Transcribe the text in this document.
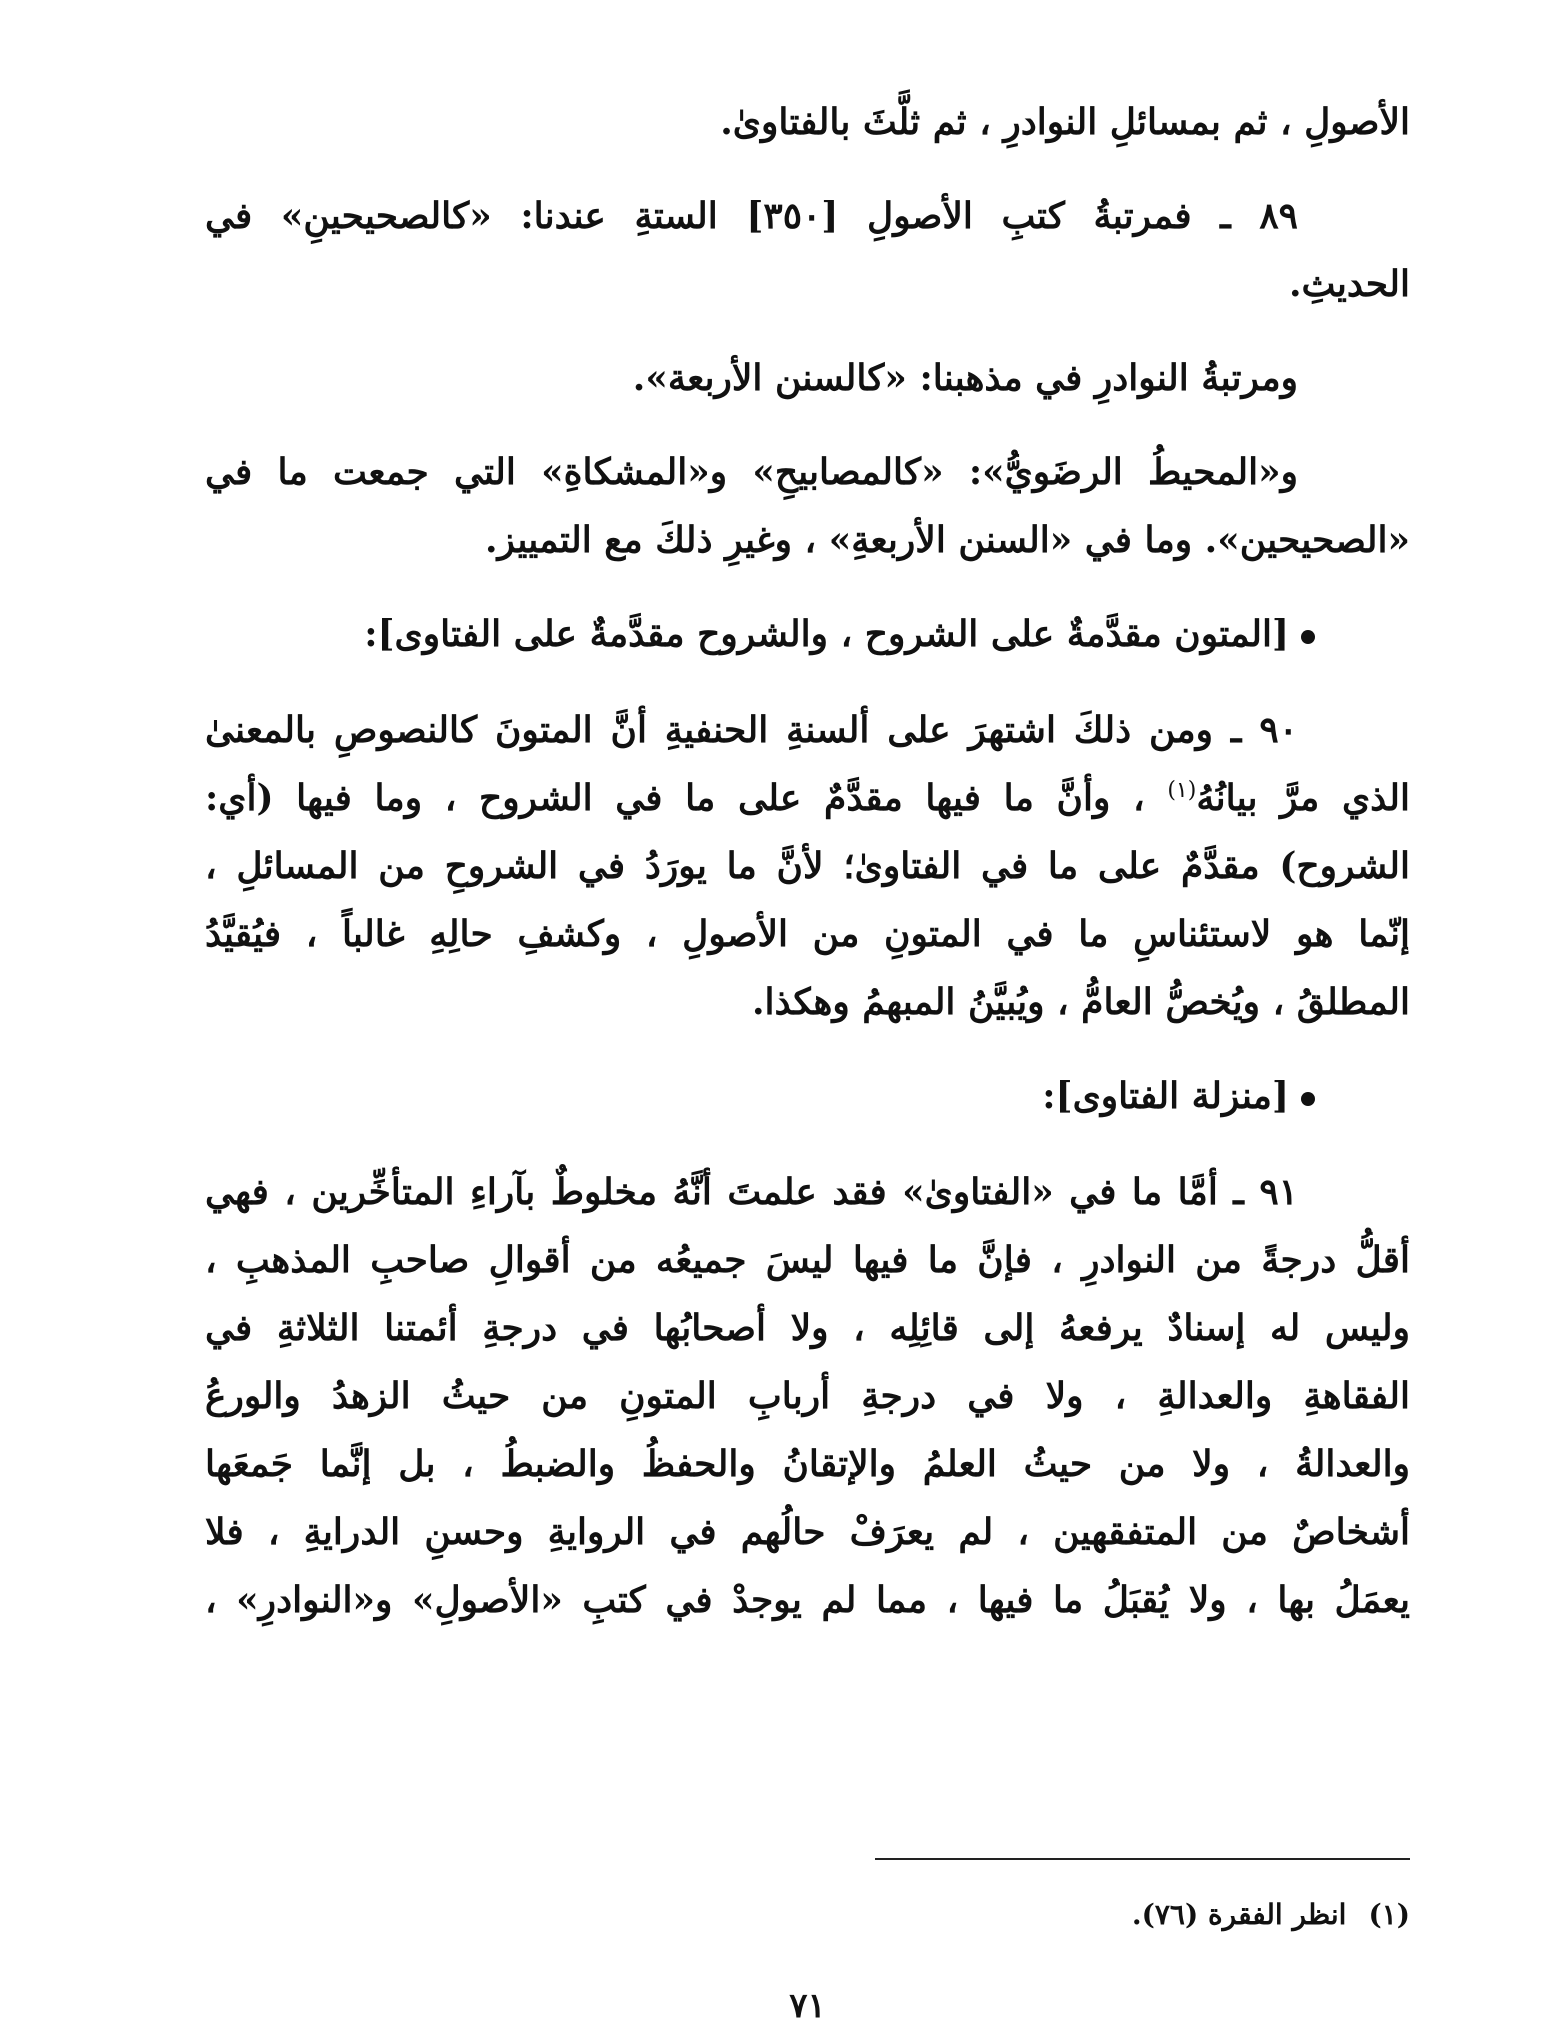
الأصولِ ، ثم بمسائلِ النوادرِ ، ثم ثلَّثَ بالفتاوىٰ.
٨٩ ـ فمرتبةُ كتبِ الأصولِ [٣٥٠] الستةِ عندنا: «كالصحيحينِ» في
الحديثِ.
ومرتبةُ النوادرِ في مذهبنا: «كالسنن الأربعة».
و«المحيطُ الرضَويُّ»: «كالمصابيحِ» و«المشكاةِ» التي جمعت ما في
«الصحيحين». وما في «السنن الأربعةِ» ، وغيرِ ذلكَ مع التمييز.
[المتون مقدَّمةٌ على الشروح ، والشروح مقدَّمةٌ على الفتاوى]:
٩٠ ـ ومن ذلكَ اشتهرَ على ألسنةِ الحنفيةِ أنَّ المتونَ كالنصوصِ بالمعنىٰ
الذي مرَّ بيانُهُ$^{(١)}$ ، وأنَّ ما فيها مقدَّمٌ على ما في الشروح ، وما فيها (أي:
الشروح) مقدَّمٌ على ما في الفتاوىٰ؛ لأنَّ ما يورَدُ في الشروحِ من المسائلِ ،
إنّما هو لاستئناسِ ما في المتونِ من الأصولِ ، وكشفِ حالِهِ غالباً ، فيُقيَّدُ
المطلقُ ، ويُخصُّ العامُّ ، ويُبيَّنُ المبهمُ وهكذا.
[منزلة الفتاوى]:
٩١ ـ أمَّا ما في «الفتاوىٰ» فقد علمتَ أنَّهُ مخلوطٌ بآراءِ المتأخِّرين ، فهي
أقلُّ درجةً من النوادرِ ، فإنَّ ما فيها ليسَ جميعُه من أقوالِ صاحبِ المذهبِ ،
وليس له إسنادٌ يرفعهُ إلى قائِلِه ، ولا أصحابُها في درجةِ أئمتنا الثلاثةِ في
الفقاهةِ والعدالةِ ، ولا في درجةِ أربابِ المتونِ من حيثُ الزهدُ والورعُ
والعدالةُ ، ولا من حيثُ العلمُ والإتقانُ والحفظُ والضبطُ ، بل إنَّما جَمعَها
أشخاصٌ من المتفقهين ، لم يعرَفْ حالُهم في الروايةِ وحسنِ الدرايةِ ، فلا
يعمَلُ بها ، ولا يُقبَلُ ما فيها ، مما لم يوجدْ في كتبِ «الأصولِ» و«النوادرِ» ،
(١)انظر الفقرة (٧٦).
٧١
